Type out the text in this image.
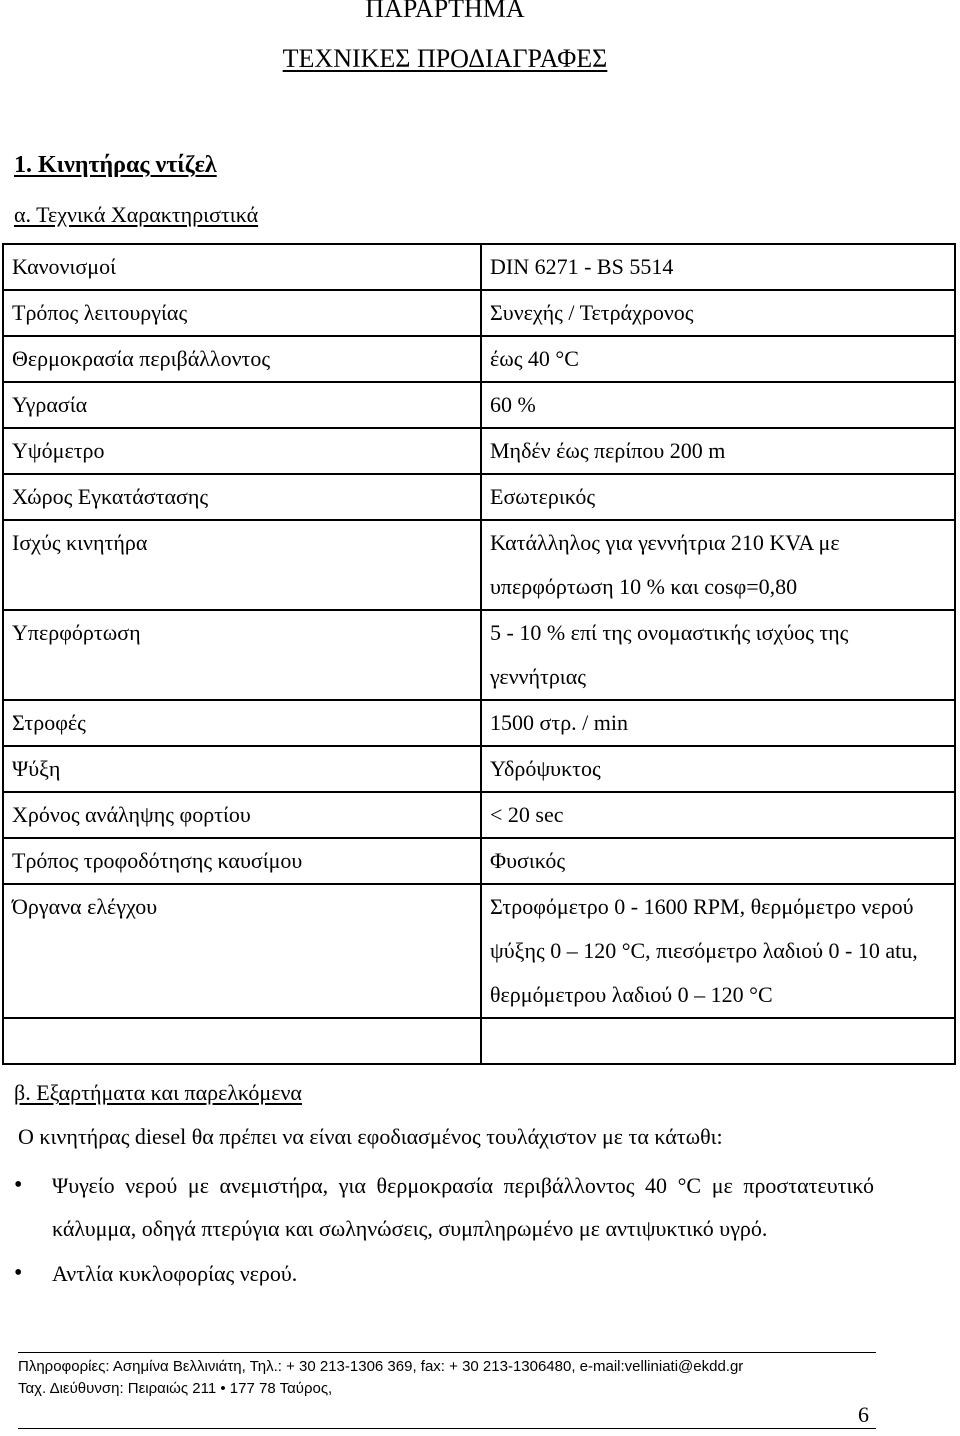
ΠΑΡΑΡΤΗΜΑ
ΤΕΧΝΙΚΕΣ ΠΡΟΔΙΑΓΡΑΦΕΣ
1. Κινητήρας ντίζελ
α. Τεχνικά Χαρακτηριστικά
Κανονισμοί	DIN 6271 - BS 5514
Τρόπος λειτουργίας	Συνεχής / Τετράχρονος
Θερμοκρασία περιβάλλοντος	έως 40 °C
Υγρασία	60 %
Υψόμετρο	Μηδέν έως περίπου 200 m
Χώρος Εγκατάστασης	Εσωτερικός
Ισχύς κινητήρα	Κατάλληλος για γεννήτρια 210 KVA με υπερφόρτωση 10 % και cosφ=0,80
Υπερφόρτωση	5 - 10 % επί της ονομαστικής ισχύος της γεννήτριας
Στροφές	1500 στρ. / min
Ψύξη	Υδρόψυκτος
Χρόνος ανάληψης φορτίου	< 20 sec
Τρόπος τροφοδότησης καυσίμου	Φυσικός
Όργανα ελέγχου	Στροφόμετρο 0 - 1600 RPM, θερμόμετρο νερού ψύξης 0 – 120 °C, πιεσόμετρο λαδιού 0 - 10 atu, θερμόμετρου λαδιού 0 – 120 °C

β. Εξαρτήματα και παρελκόμενα
Ο κινητήρας diesel θα πρέπει να είναι εφοδιασμένος τουλάχιστον με τα κάτωθι:
• Ψυγείο νερού με ανεμιστήρα, για θερμοκρασία περιβάλλοντος 40 °C με προστατευτικό κάλυμμα, οδηγά πτερύγια και σωληνώσεις, συμπληρωμένο με αντιψυκτικό υγρό.
• Αντλία κυκλοφορίας νερού.
Πληροφορίες: Ασημίνα Βελλινιάτη, Τηλ.: + 30 213-1306 369, fax: + 30 213-1306480, e-mail:velliniati@ekdd.gr
Ταχ. Διεύθυνση: Πειραιώς 211 • 177 78 Ταύρος,
6
